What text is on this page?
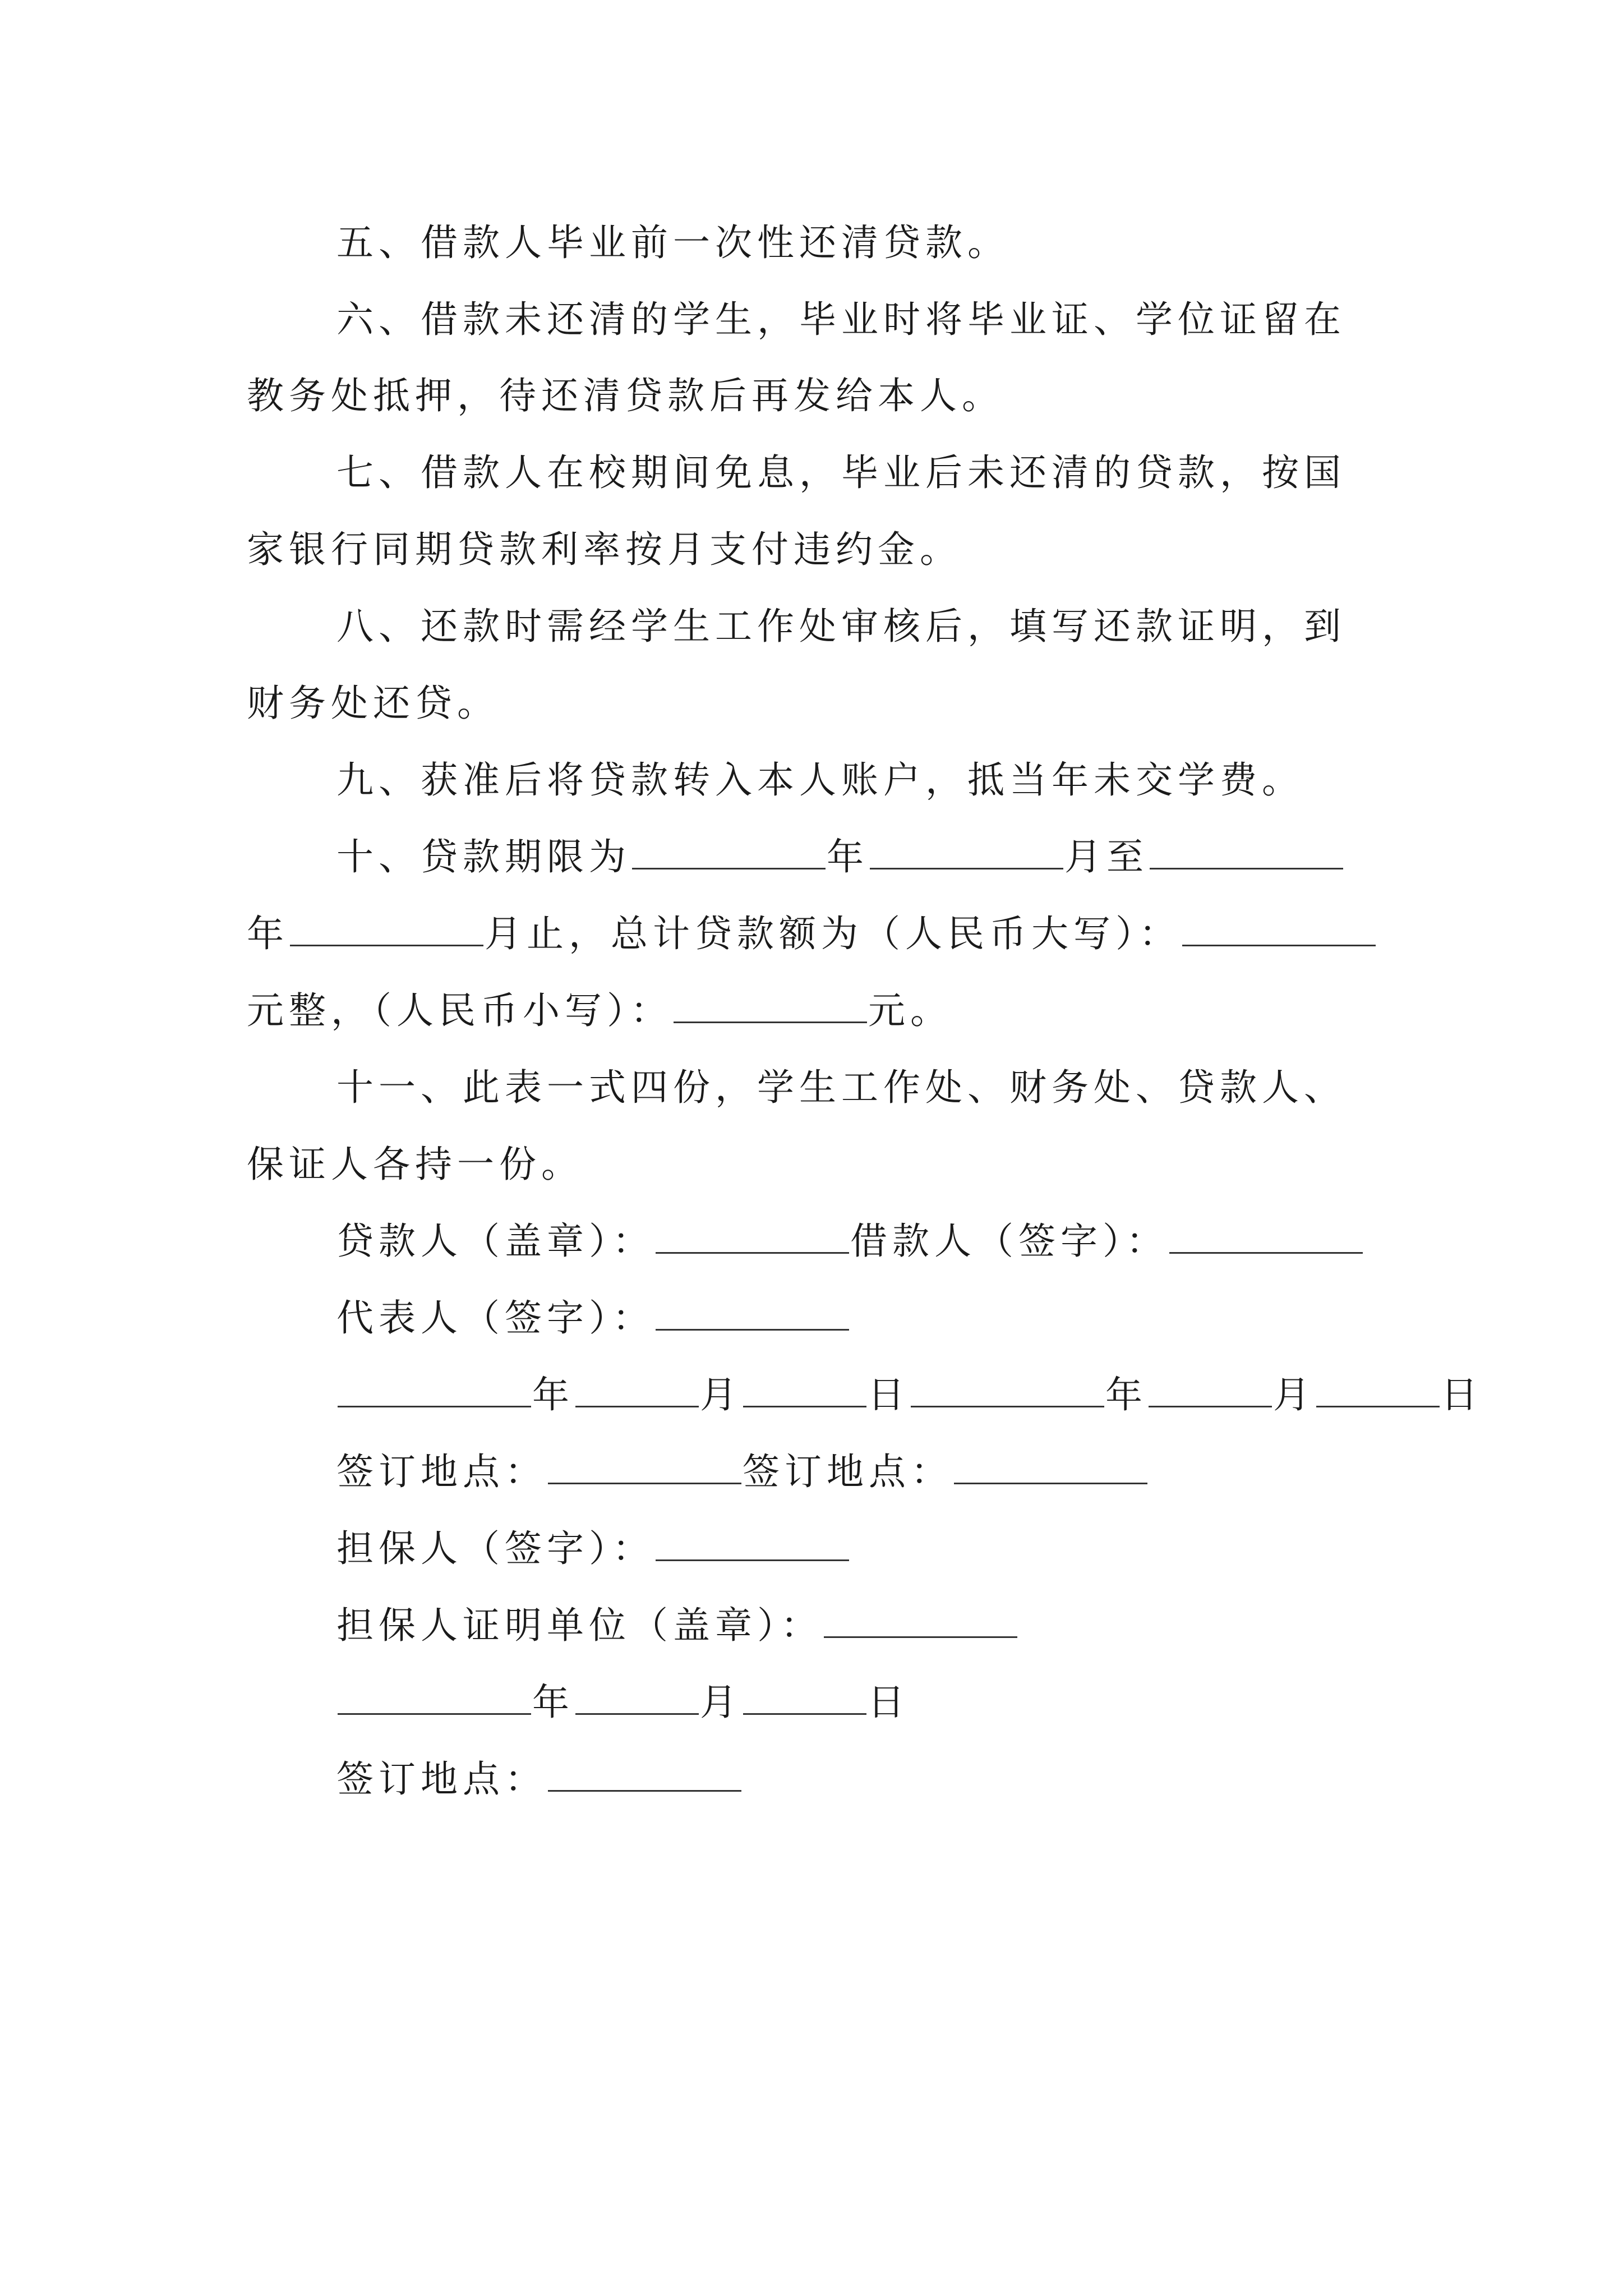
五、借款人毕业前一次性还清贷款。
六、借款未还清的学生，毕业时将毕业证、学位证留在
教务处抵押，待还清贷款后再发给本人。
七、借款人在校期间免息，毕业后未还清的贷款，按国
家银行同期贷款利率按月支付违约金。
八、还款时需经学生工作处审核后，填写还款证明，到
财务处还贷。
九、获准后将贷款转入本人账户，抵当年未交学费。
十、贷款期限为	年	月至
年	月止，总计贷款额为（人民币大写）：
元整，（人民币小写）：	元。
十一、此表一式四份，学生工作处、财务处、贷款人、
保证人各持一份。
贷款人（盖章）：	借款人（签字）：
代表人（签字）：
年	月	日	年	月	日
签订地点：	签订地点：
担保人（签字）：
担保人证明单位（盖章）：
年	月	日
签订地点：
